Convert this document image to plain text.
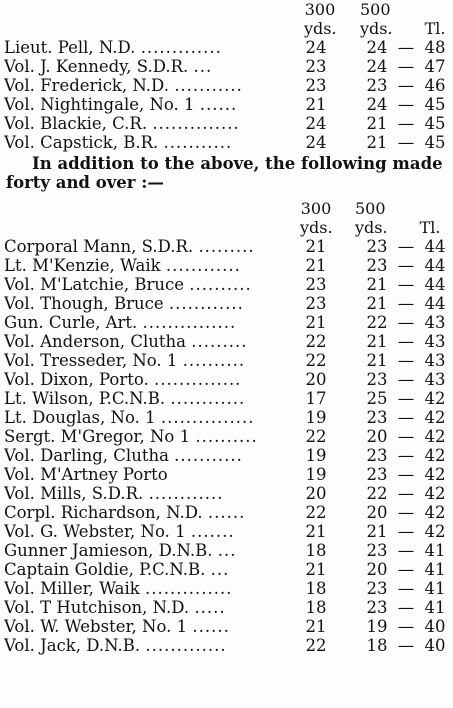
300 500
yds. yds. Tl.
Lieut. Pell, N.D. .............	24	24 — 48
Vol. J. Kennedy, S.D.R. ...	23	24 — 47
Vol. Frederick, N.D. ...........	23	23 — 46
Vol. Nightingale, No. 1 ......	21	24 — 45
Vol. Blackie, C.R. ..............	24	21 — 45
Vol. Capstick, B.R. ...........	24	21 — 45
In addition to the above, the following made forty and over :—
300 500
yds. yds. Tl.
Corporal Mann, S.D.R. .........	21	23 — 44
Lt. M'Kenzie, Waik ............	21	23 — 44
Vol. M'Latchie, Bruce ..........	23	21 — 44
Vol. Though, Bruce ............	23	21 — 44
Gun. Curle, Art. ...............	21	22 — 43
Vol. Anderson, Clutha .........	22	21 — 43
Vol. Tresseder, No. 1 ..........	22	21 — 43
Vol. Dixon, Porto. ..............	20	23 — 43
Lt. Wilson, P.C.N.B. ............	17	25 — 42
Lt. Douglas, No. 1 ...............	19	23 — 42
Sergt. M'Gregor, No 1 ..........	22	20 — 42
Vol. Darling, Clutha ...........	19	23 — 42
Vol. M'Artney Porto	19	23 — 42
Vol. Mills, S.D.R. ............	20	22 — 42
Corpl. Richardson, N.D. ......	22	20 — 42
Vol. G. Webster, No. 1 .......	21	21 — 42
Gunner Jamieson, D.N.B. ...	18	23 — 41
Captain Goldie, P.C.N.B. ...	21	20 — 41
Vol. Miller, Waik ..............	18	23 — 41
Vol. T Hutchison, N.D. .....	18	23 — 41
Vol. W. Webster, No. 1 ......	21	19 — 40
Vol. Jack, D.N.B. .............	22	18 — 40
